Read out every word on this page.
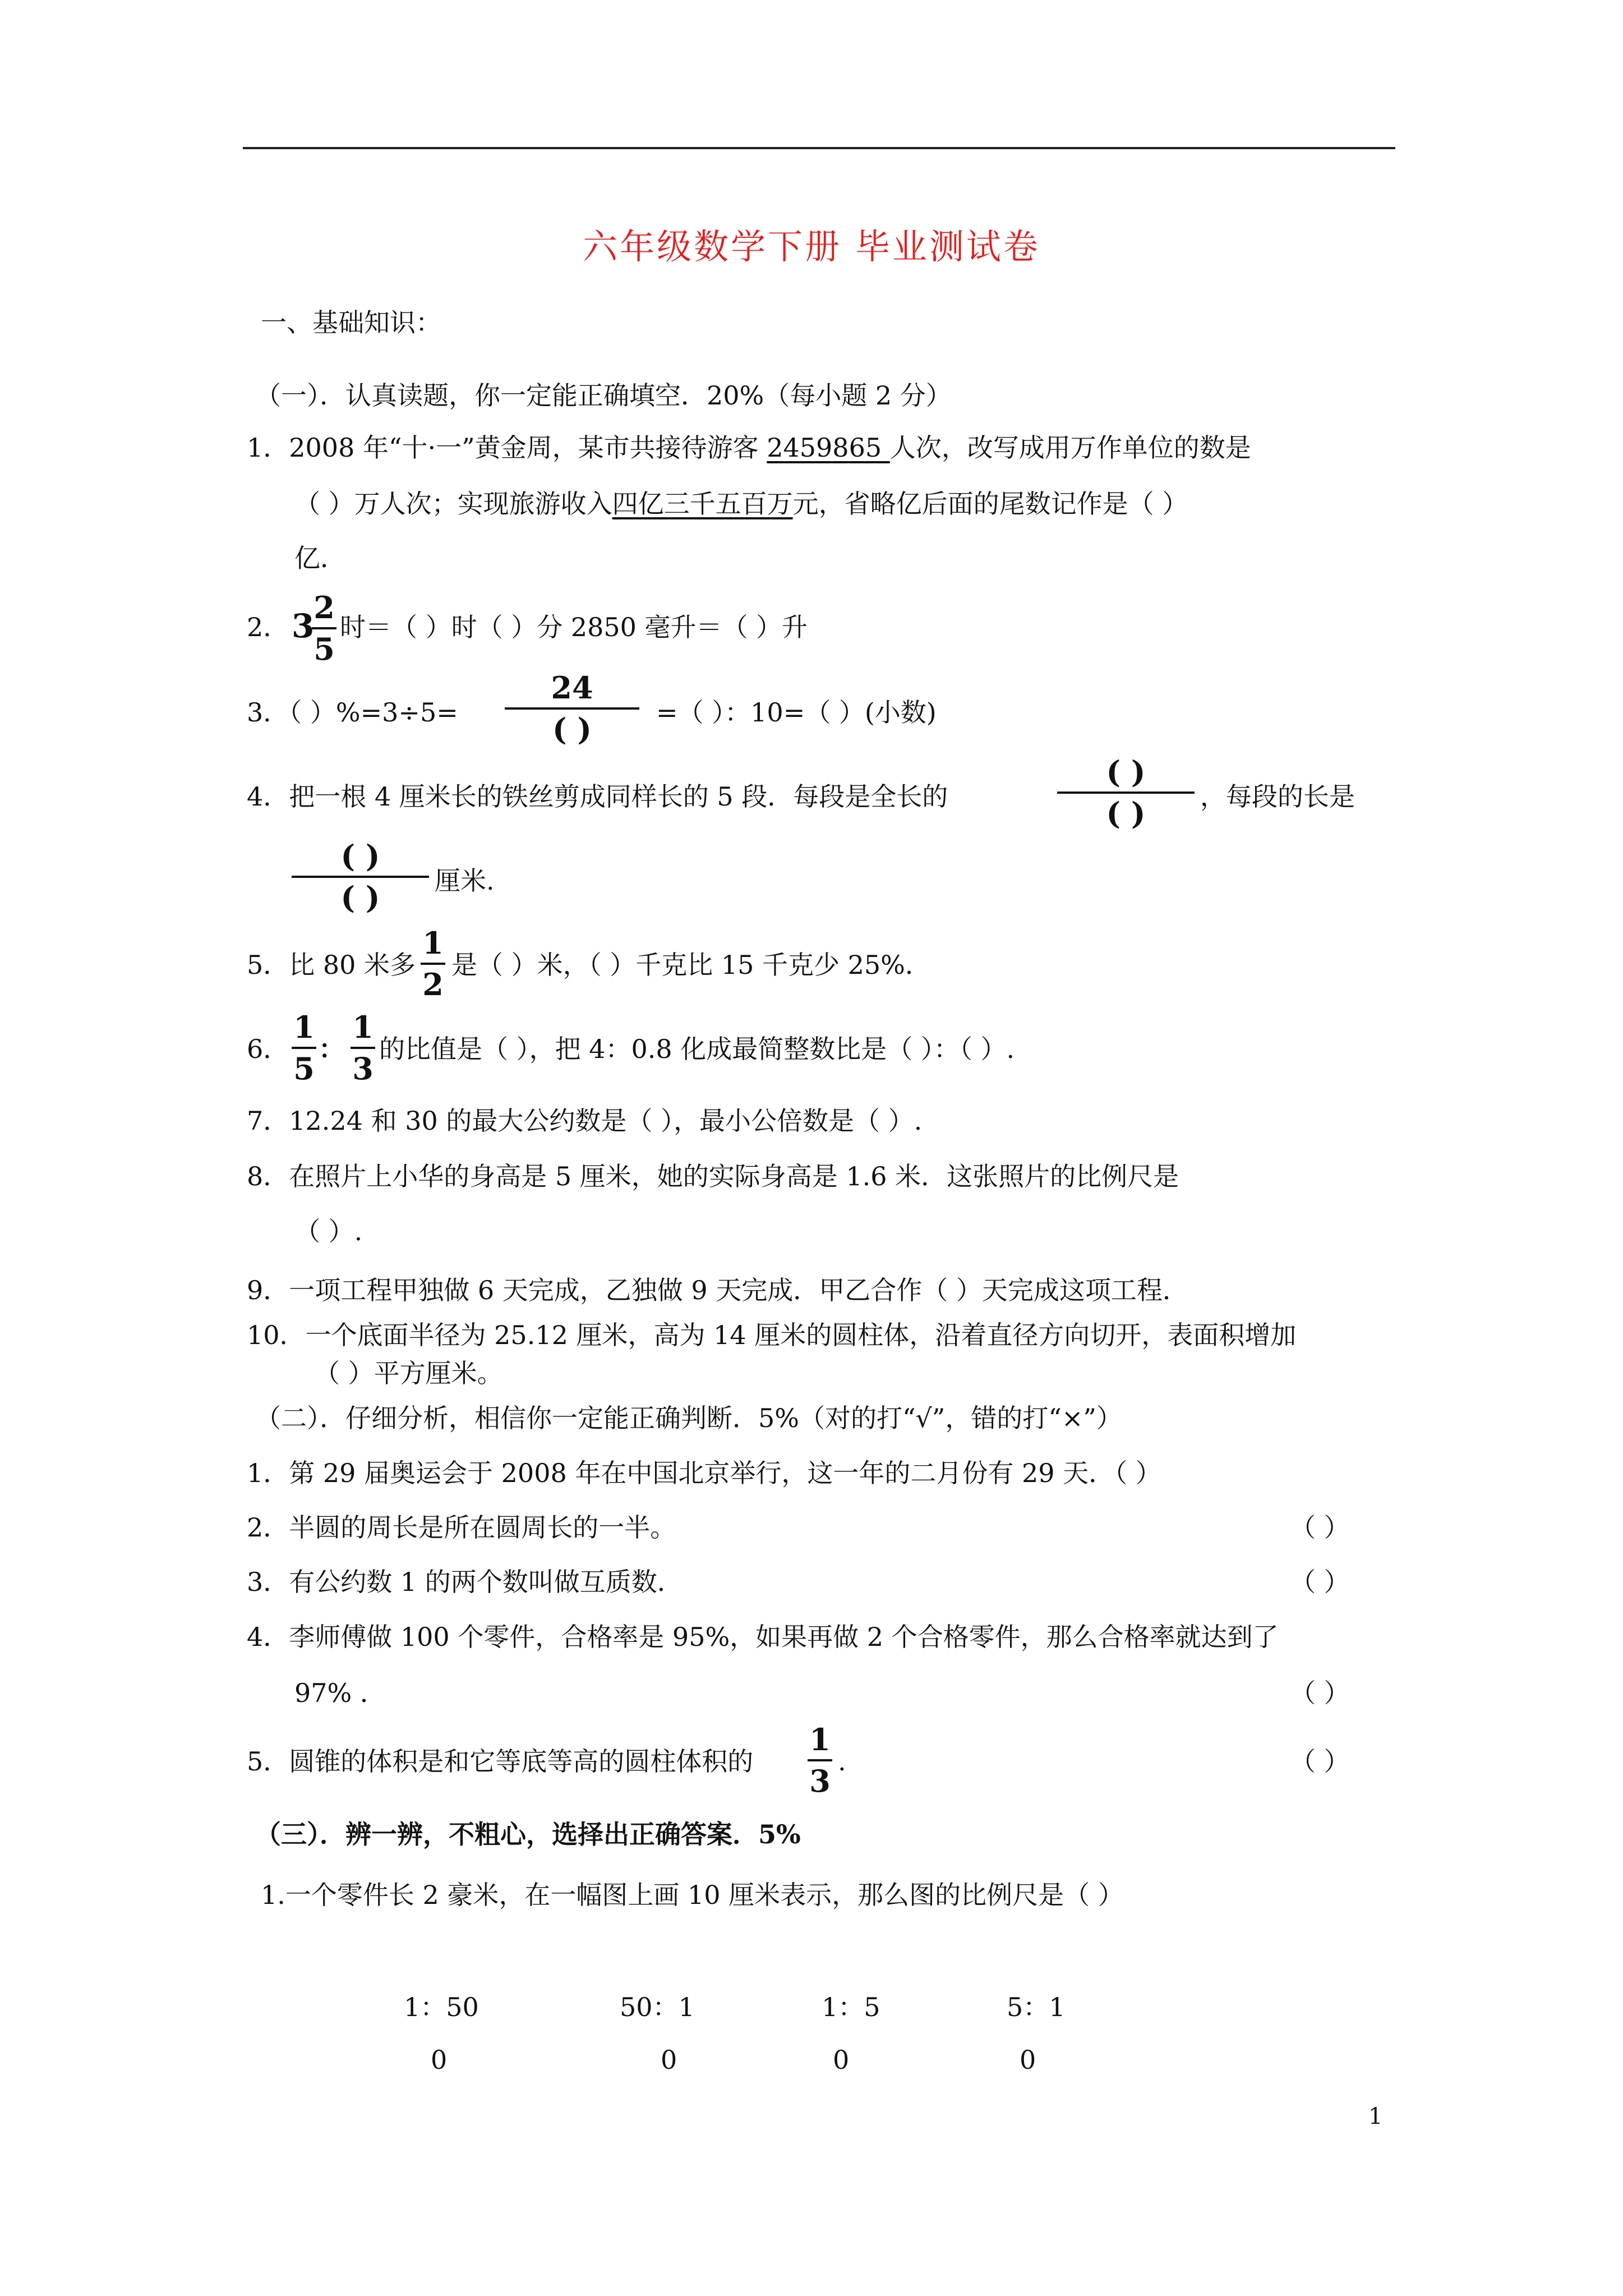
六年级数学下册 毕业测试卷
一、基础知识：
（一）．认真读题，你一定能正确填空．20%（每小题 2 分）
1．2008 年“十·一”黄金周，某市共接待游客 2459865 人次，改写成用万作单位的数是
（ ）万人次；实现旅游收入四亿三千五百万元，省略亿后面的尾数记作是（ ）
亿．
2． 3
2
5
时＝（ ）时（ ）分 2850 毫升＝（ ）升
3．（ ）%=3÷5=
24
( )	=（ ）：10=（ ）(小数)
4．把一根 4 厘米长的铁丝剪成同样长的 5 段．每段是全长的
( )
( )	，每段的长是
( )
( )	厘米.
5．比 80 米多
1
2
是（ ）米，（ ）千克比 15 千克少 25%．
6．
1
5
：
1
3
的比值是（ ），把 4：0.8 化成最简整数比是（ ）：（ ）.
7．12.24 和 30 的最大公约数是（ ），最小公倍数是（ ）.
8．在照片上小华的身高是 5 厘米，她的实际身高是 1.6 米．这张照片的比例尺是
（ ）.
9．一项工程甲独做 6 天完成，乙独做 9 天完成．甲乙合作（ ）天完成这项工程．
10．一个底面半径为 25.12 厘米，高为 14 厘米的圆柱体，沿着直径方向切开，表面积增加
（ ）平方厘米。
（二）．仔细分析，相信你一定能正确判断．5%（对的打“√”，错的打“×”）
1．第 29 届奥运会于 2008 年在中国北京举行，这一年的二月份有 29 天．（ ）
2．半圆的周长是所在圆周长的一半。	（ ）
3．有公约数 1 的两个数叫做互质数．	（ ）
4．李师傅做 100 个零件，合格率是 95%，如果再做 2 个合格零件，那么合格率就达到了
97% ．	（ ）
5．圆锥的体积是和它等底等高的圆柱体积的
1
3
.	（ ）
（三）．辨一辨，不粗心，选择出正确答案．5%
1.一个零件长 2 豪米，在一幅图上画 10 厘米表示，那么图的比例尺是（ ）
1：50	50：1	1：5	5：1
0	0	0	0
1
